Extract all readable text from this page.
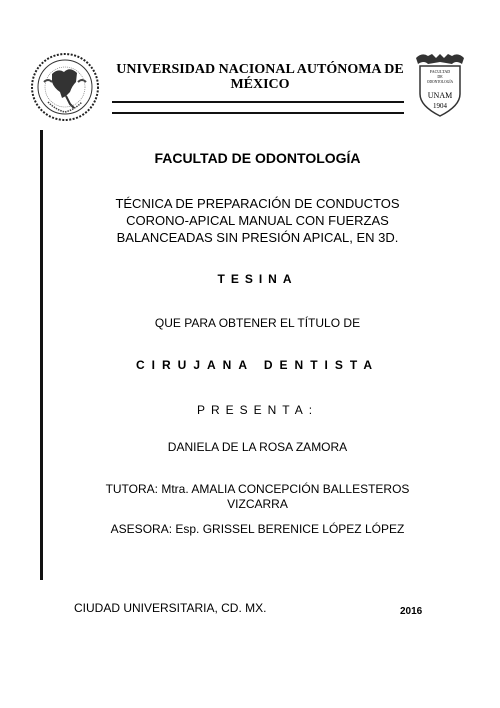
UNIVERSIDAD NACIONAL AUTÓNOMA DE MÉXICO
FACULTAD
DE
ODONTOLOGÍA
UNAM
1904
FACULTAD DE ODONTOLOGÍA
TÉCNICA DE PREPARACIÓN DE CONDUCTOS
CORONO-APICAL MANUAL CON FUERZAS
BALANCEADAS SIN PRESIÓN APICAL, EN 3D.
TESINA
QUE PARA OBTENER EL TÍTULO DE
CIRUJANA DENTISTA
PRESENTA:
DANIELA DE LA ROSA ZAMORA
TUTORA: Mtra. AMALIA CONCEPCIÓN BALLESTEROS
VIZCARRA
ASESORA: Esp. GRISSEL BERENICE LÓPEZ LÓPEZ
CIUDAD UNIVERSITARIA, CD. MX.	2016
